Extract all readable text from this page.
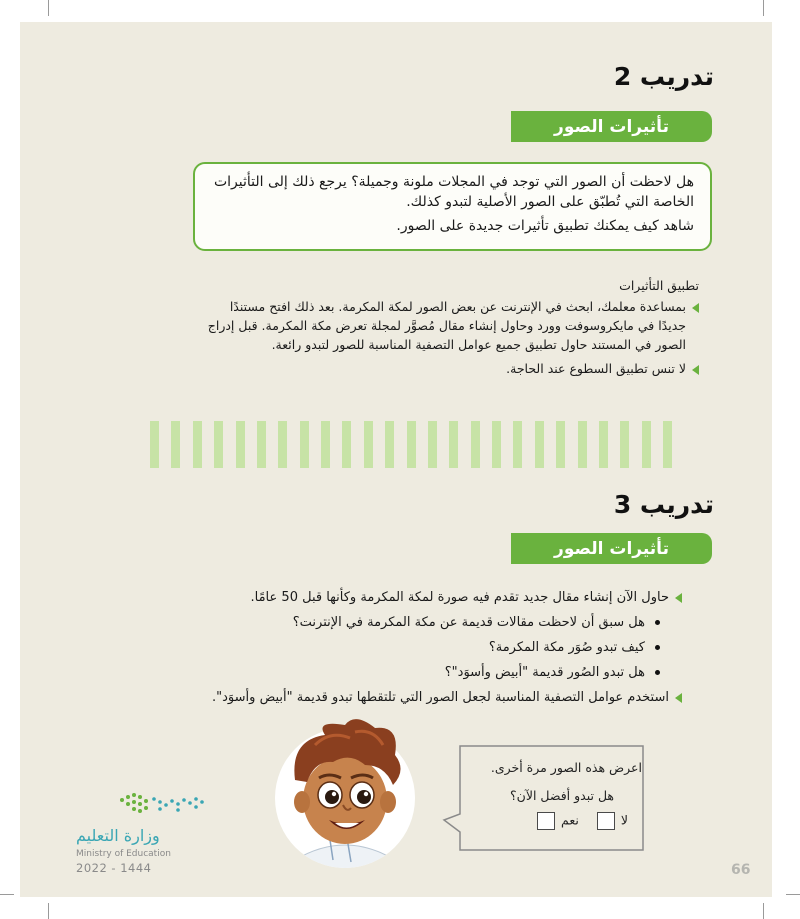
تدريب 2
تأثيرات الصور

هل لاحظت أن الصور التي توجد في المجلات ملونة وجميلة؟ يرجع ذلك إلى التأثيرات

الخاصة التي تُطبّق على الصور الأصلية لتبدو كذلك.

شاهد كيف يمكنك تطبيق تأثيرات جديدة على الصور.

تطبيق التأثيرات
بمساعدة معلمك، ابحث في الإنترنت عن بعض الصور لمكة المكرمة. بعد ذلك افتح مستندًا
جديدًا في مايكروسوفت وورد وحاول إنشاء مقال مُصوَّر لمجلة تعرض مكة المكرمة. قبل إدراج
الصور في المستند حاول تطبيق جميع عوامل التصفية المناسبة للصور لتبدو رائعة.
لا تنس تطبيق السطوع عند الحاجة.
تدريب 3
تأثيرات الصور
حاول الآن إنشاء مقال جديد تقدم فيه صورة لمكة المكرمة وكأنها قبل 50 عامًا.
هل سبق أن لاحظت مقالات قديمة عن مكة المكرمة في الإنترنت؟
كيف تبدو صُوَر مكة المكرمة؟
هل تبدو الصُور قديمة "أبيض وأسوَد"؟
استخدم عوامل التصفية المناسبة لجعل الصور التي تلتقطها تبدو قديمة "أبيض وأسوَد".
اعرض هذه الصور مرة أخرى.
هل تبدو أفضل الآن؟
لا  نعم
وزارة التعليم
Ministry of Education
2022 - 1444	66
